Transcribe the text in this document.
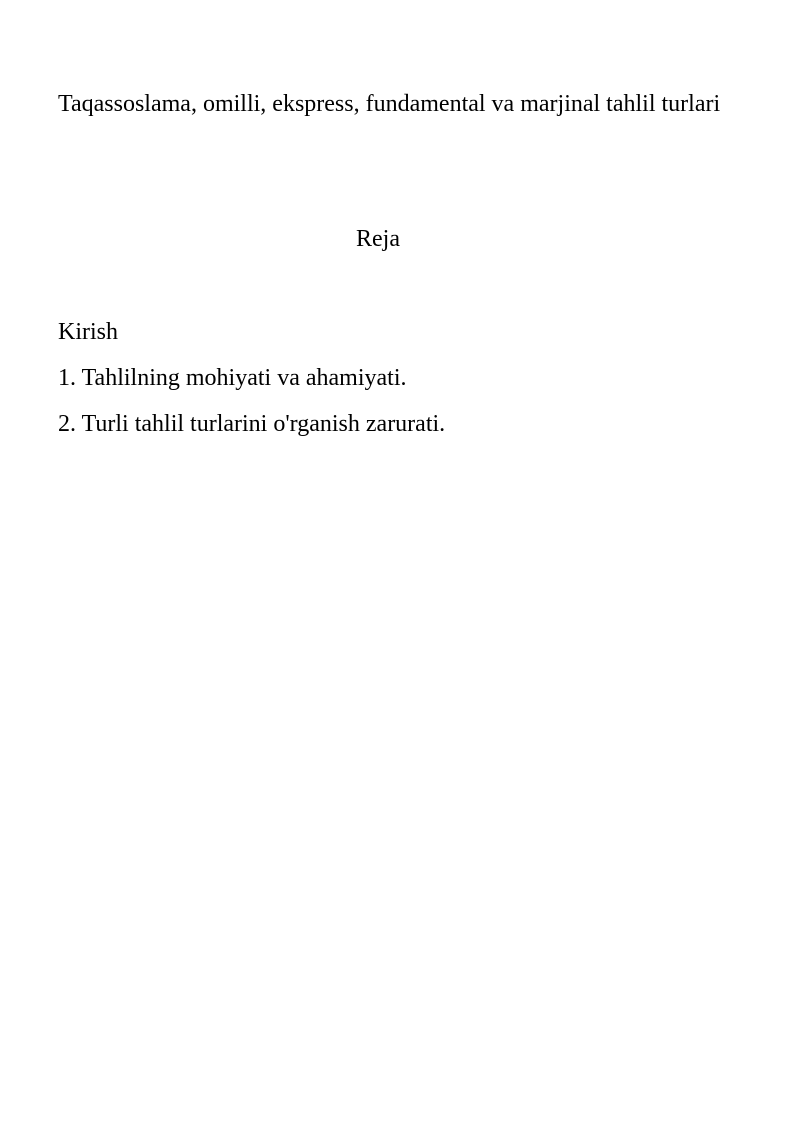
Taqassoslama, omilli, ekspress, fundamental va marjinal tahlil turlari
Reja
Kirish
1. Tahlilning mohiyati va ahamiyati.
2. Turli tahlil turlarini o'rganish zarurati.
